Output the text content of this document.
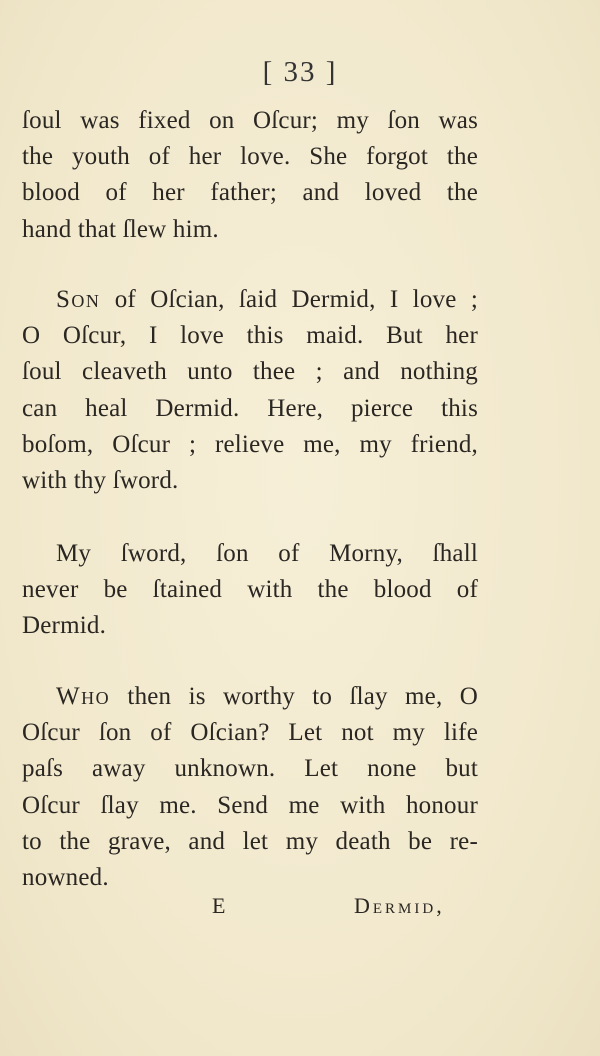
[ 33 ]
ſoul was fixed on Oſcur; my ſon was
the youth of her love. She forgot the
blood of her father; and loved the
hand that ſlew him.
Son of Oſcian, ſaid Dermid, I love ;
O Oſcur, I love this maid. But her
ſoul cleaveth unto thee ; and nothing
can heal Dermid. Here, pierce this
boſom, Oſcur ; relieve me, my friend,
with thy ſword.
My ſword, ſon of Morny, ſhall
never be ſtained with the blood of
Dermid.
Who then is worthy to ſlay me, O
Oſcur ſon of Oſcian? Let not my life
paſs away unknown. Let none but
Oſcur ſlay me. Send me with honour
to the grave, and let my death be re-
nowned.
E	Dermid,
